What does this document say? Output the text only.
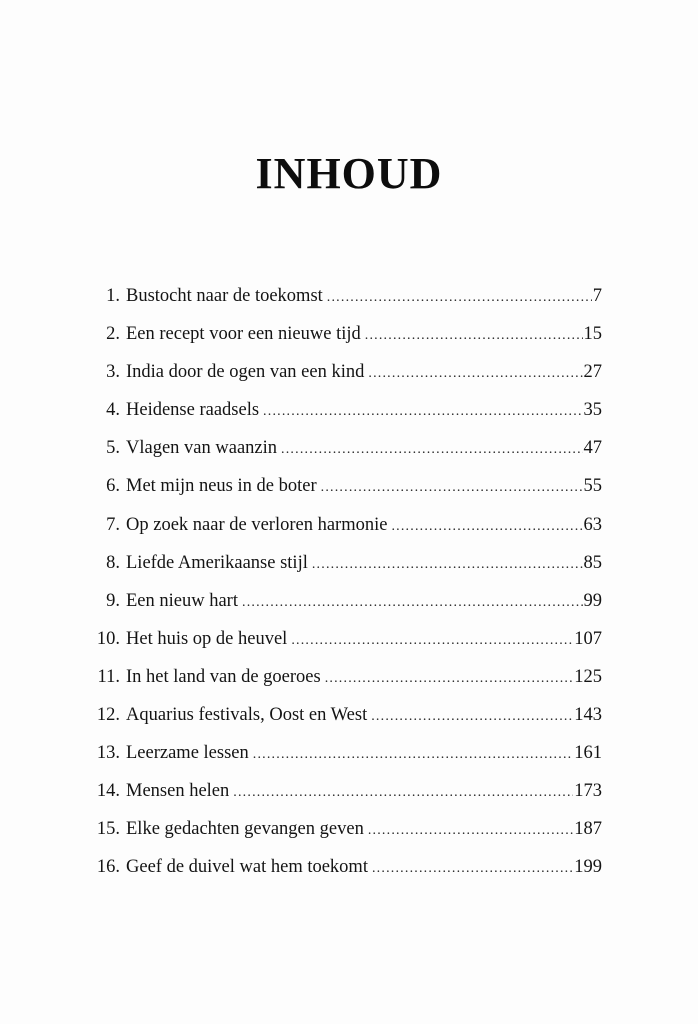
INHOUD
1. Bustocht naar de toekomst .....	7
2. Een recept voor een nieuwe tijd .....	15
3. India door de ogen van een kind .....	27
4. Heidense raadsels .....	35
5. Vlagen van waanzin .....	47
6. Met mijn neus in de boter .....	55
7. Op zoek naar de verloren harmonie .....	63
8. Liefde Amerikaanse stijl .....	85
9. Een nieuw hart .....	99
10. Het huis op de heuvel .....	107
11. In het land van de goeroes .....	125
12. Aquarius festivals, Oost en West .....	143
13. Leerzame lessen .....	161
14. Mensen helen .....	173
15. Elke gedachten gevangen geven .....	187
16. Geef de duivel wat hem toekomt .....	199
